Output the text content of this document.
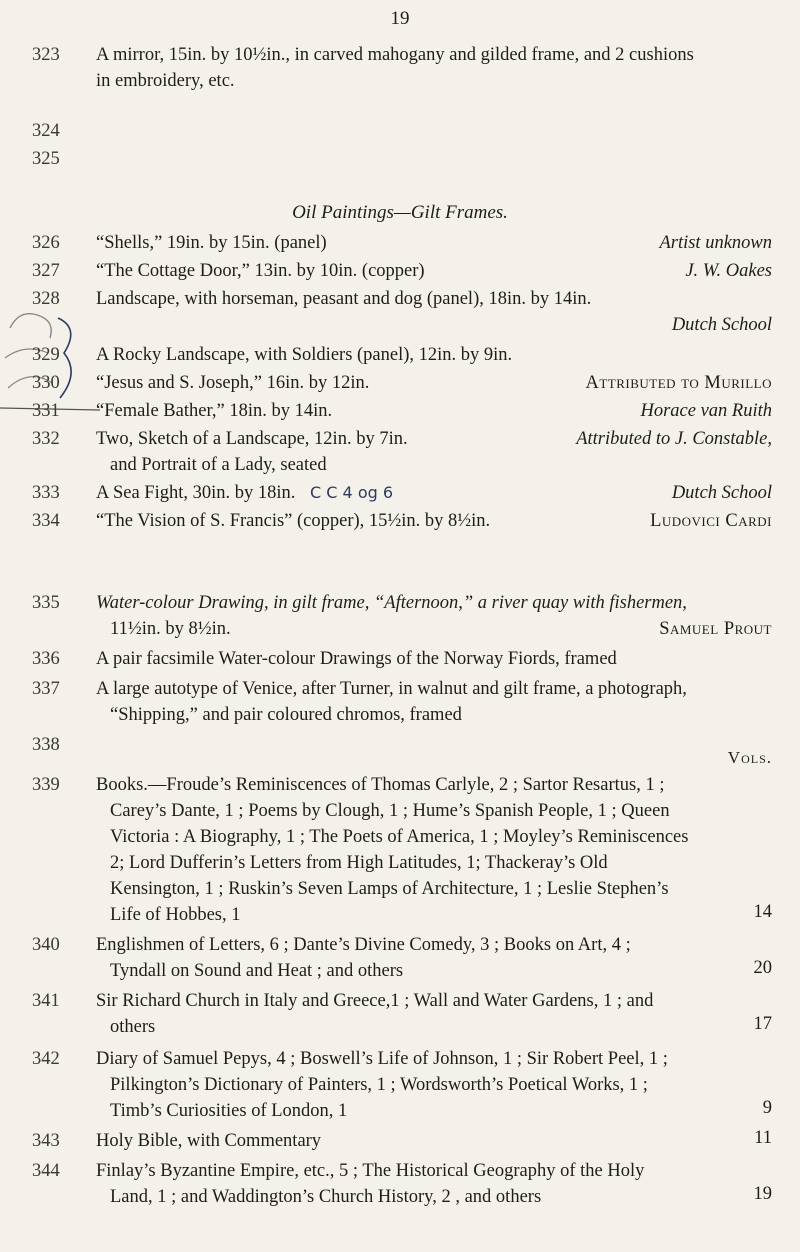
19
323	A mirror, 15in. by 10½in., in carved mahogany and gilded frame, and 2 cushions
in embroidery, etc.
324
325
Oil Paintings—Gilt Frames.
326	“Shells,” 19in. by 15in. (panel)	Artist unknown
327	“The Cottage Door,” 13in. by 10in. (copper)	J. W. Oakes
328	Landscape, with horseman, peasant and dog (panel), 18in. by 14in.
Dutch School
329	A Rocky Landscape, with Soldiers (panel), 12in. by 9in.
330	“Jesus and S. Joseph,” 16in. by 12in.	Attributed to Murillo
331	“Female Bather,” 18in. by 14in.	Horace van Ruith
332	Two, Sketch of a Landscape, 12in. by 7in.	Attributed to J. Constable,
and Portrait of a Lady, seated
333	A Sea Fight, 30in. by 18in. C C 4 og 6	Dutch School
334	“The Vision of S. Francis” (copper), 15½in. by 8½in.	Ludovici Cardi
335	Water-colour Drawing, in gilt frame, “Afternoon,” a river quay with fishermen,
11½in. by 8½in.	Samuel Prout
336	A pair facsimile Water-colour Drawings of the Norway Fiords, framed
337	A large autotype of Venice, after Turner, in walnut and gilt frame, a photograph,
“Shipping,” and pair coloured chromos, framed
338
Vols.
339	Books.—Froude’s Reminiscences of Thomas Carlyle, 2 ; Sartor Resartus, 1 ;
Carey’s Dante, 1 ; Poems by Clough, 1 ; Hume’s Spanish People, 1 ; Queen
Victoria : A Biography, 1 ; The Poets of America, 1 ; Moyley’s Reminiscences
2; Lord Dufferin’s Letters from High Latitudes, 1; Thackeray’s Old
Kensington, 1 ; Ruskin’s Seven Lamps of Architecture, 1 ; Leslie Stephen’s
Life of Hobbes, 1	14
340	Englishmen of Letters, 6 ; Dante’s Divine Comedy, 3 ; Books on Art, 4 ;
Tyndall on Sound and Heat ; and others	20
341	Sir Richard Church in Italy and Greece,1 ; Wall and Water Gardens, 1 ; and
others	17
342	Diary of Samuel Pepys, 4 ; Boswell’s Life of Johnson, 1 ; Sir Robert Peel, 1 ;
Pilkington’s Dictionary of Painters, 1 ; Wordsworth’s Poetical Works, 1 ;
Timb’s Curiosities of London, 1	9
343	Holy Bible, with Commentary	11
344	Finlay’s Byzantine Empire, etc., 5 ; The Historical Geography of the Holy
Land, 1 ; and Waddington’s Church History, 2 , and others	19
